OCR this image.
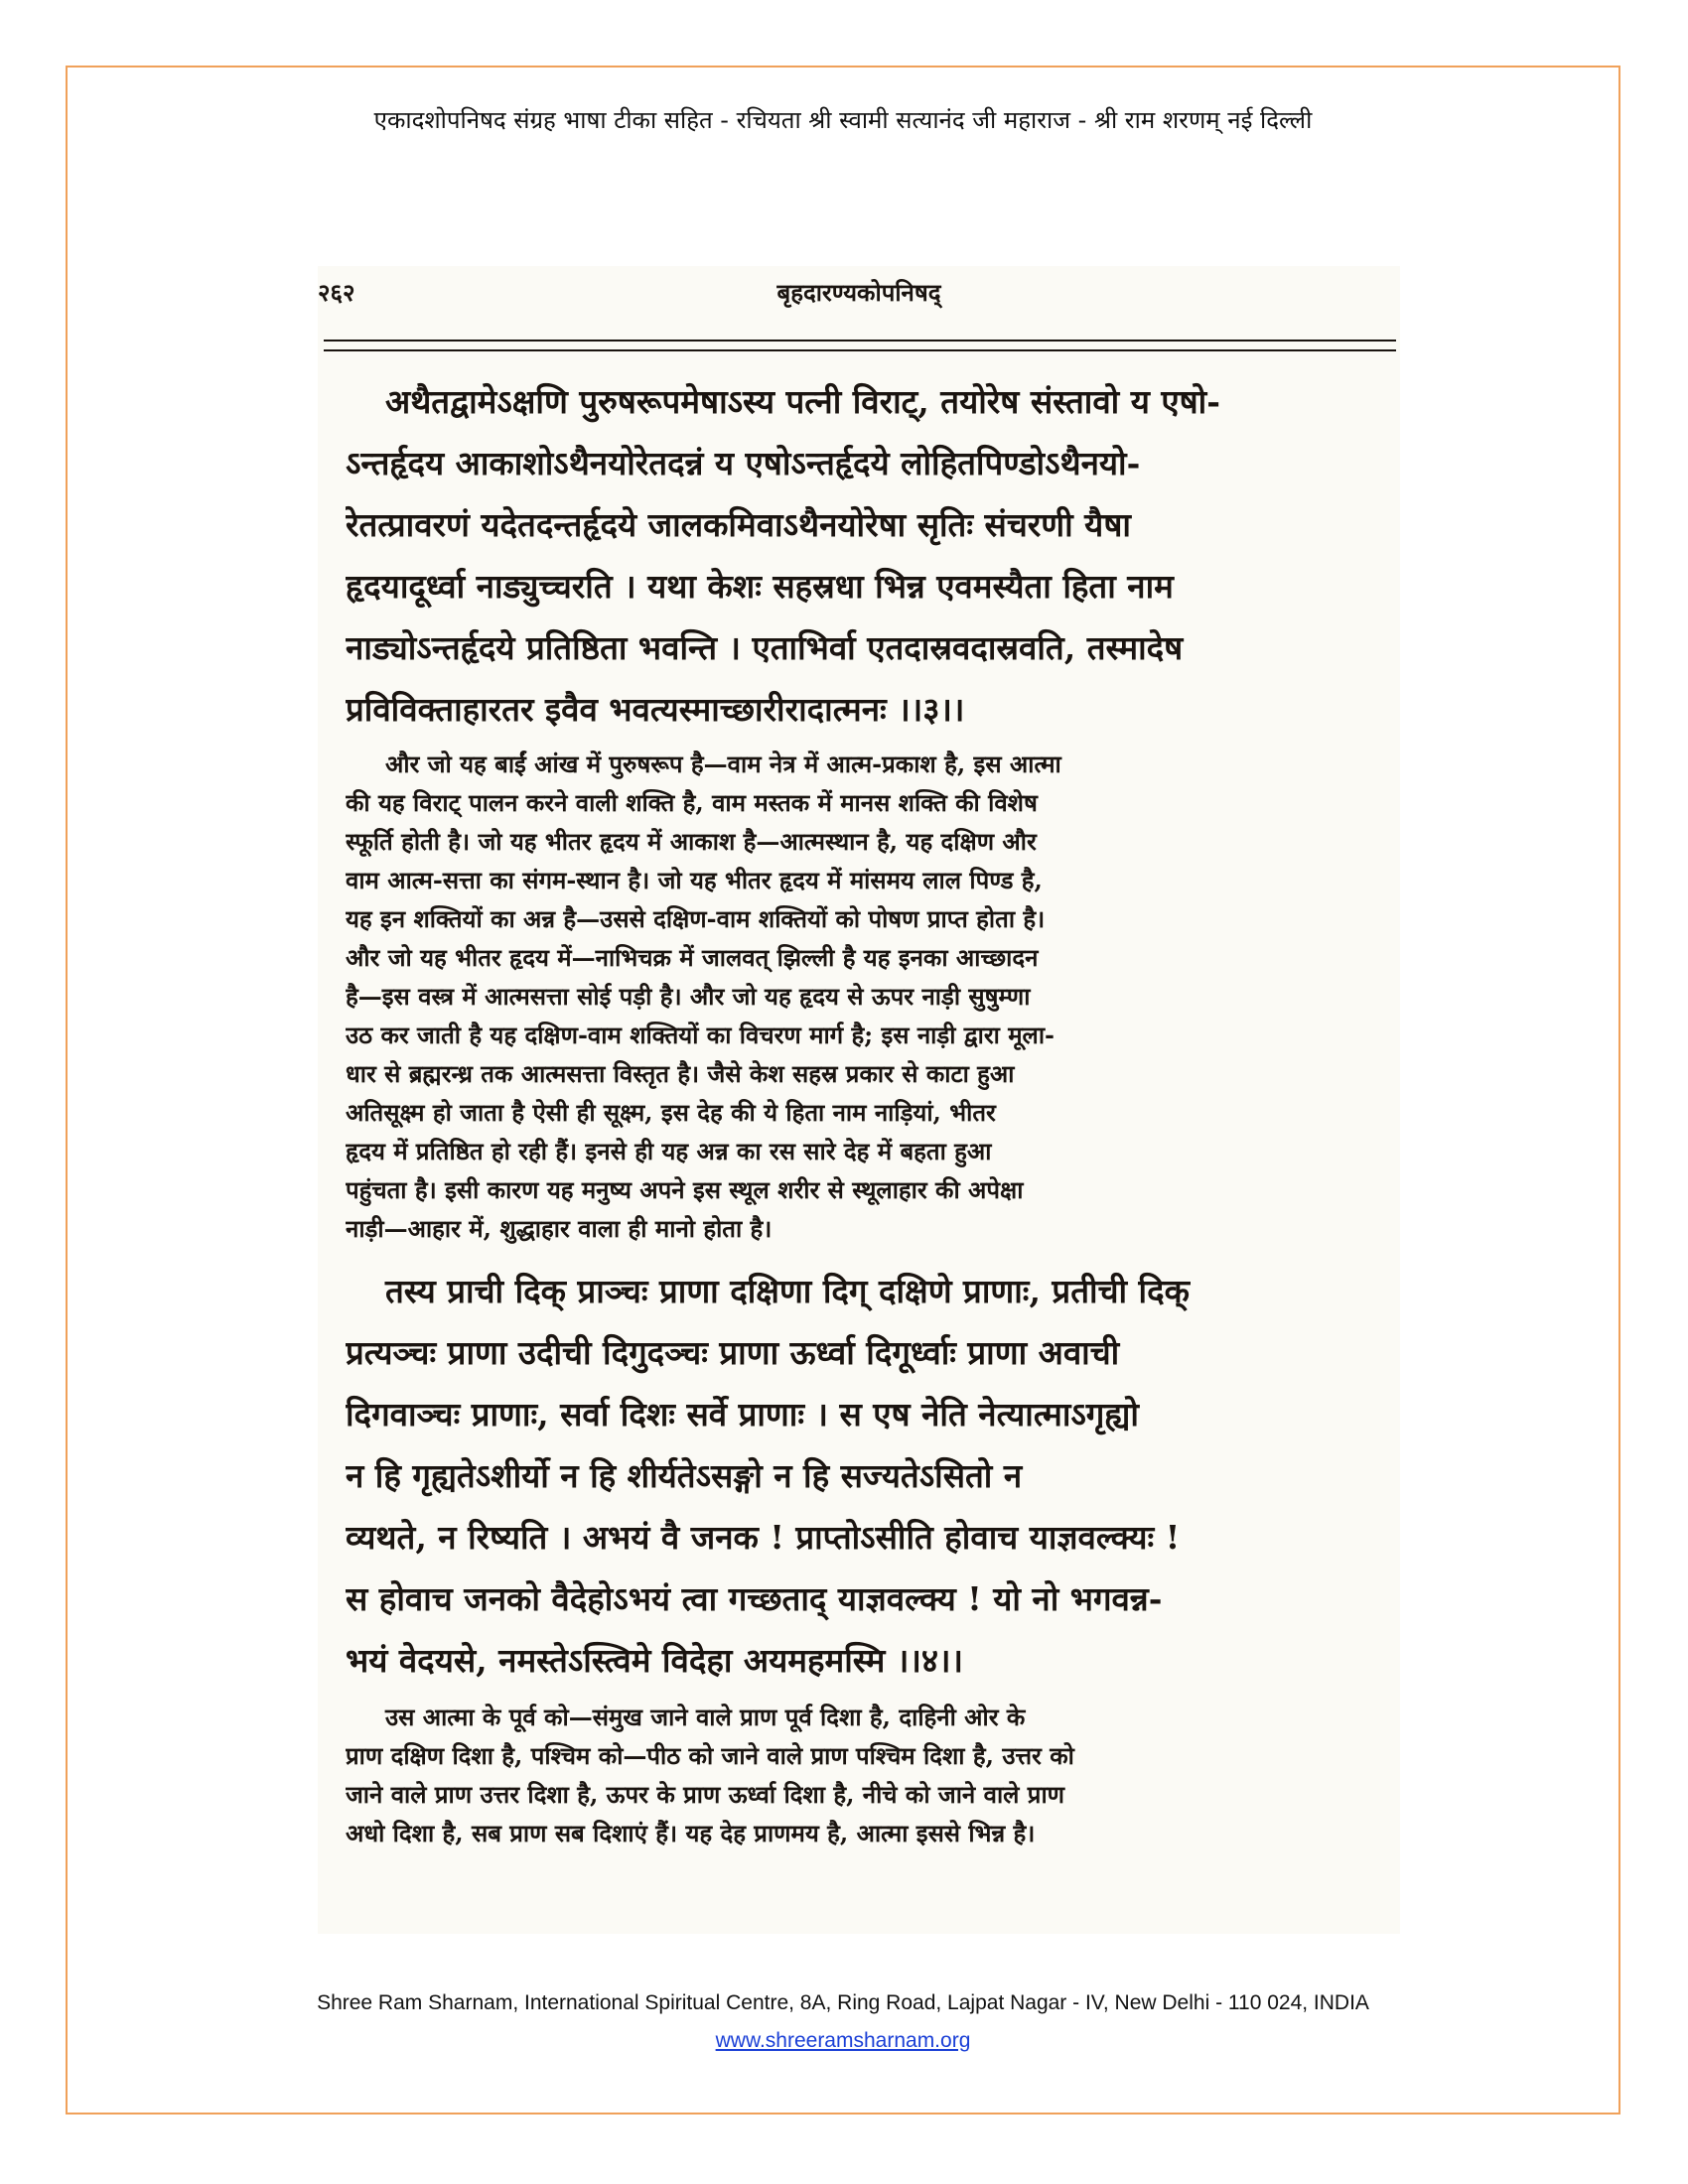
एकादशोपनिषद संग्रह भाषा टीका सहित - रचियता श्री स्वामी सत्यानंद जी महाराज - श्री राम शरणम् नई दिल्ली
२६२	बृहदारण्यकोपनिषद्
अथैतद्वामेऽक्षणि पुरुषरूपमेषाऽस्य पत्नी विराट्, तयोरेष संस्तावो य एषो-
ऽन्तर्हृदय आकाशोऽथैनयोरेतदन्नं य एषोऽन्तर्हृदये लोहितपिण्डोऽथैनयो-
रेतत्प्रावरणं यदेतदन्तर्हृदये जालकमिवाऽथैनयोरेषा सृतिः संचरणी यैषा
हृदयादूर्ध्वा नाड्युच्चरति । यथा केशः सहस्रधा भिन्न एवमस्यैता हिता नाम
नाड्योऽन्तर्हृदये प्रतिष्ठिता भवन्ति । एताभिर्वा एतदास्रवदास्रवति, तस्मादेष
प्रविविक्ताहारतर इवैव भवत्यस्माच्छारीरादात्मनः ।।३।।
और जो यह बाईं आंख में पुरुषरूप है—वाम नेत्र में आत्म-प्रकाश है, इस आत्मा
की यह विराट् पालन करने वाली शक्ति है, वाम मस्तक में मानस शक्ति की विशेष
स्फूर्ति होती है। जो यह भीतर हृदय में आकाश है—आत्मस्थान है, यह दक्षिण और
वाम आत्म-सत्ता का संगम-स्थान है। जो यह भीतर हृदय में मांसमय लाल पिण्ड है,
यह इन शक्तियों का अन्न है—उससे दक्षिण-वाम शक्तियों को पोषण प्राप्त होता है।
और जो यह भीतर हृदय में—नाभिचक्र में जालवत् झिल्ली है यह इनका आच्छादन
है—इस वस्त्र में आत्मसत्ता सोई पड़ी है। और जो यह हृदय से ऊपर नाड़ी सुषुम्णा
उठ कर जाती है यह दक्षिण-वाम शक्तियों का विचरण मार्ग है; इस नाड़ी द्वारा मूला-
धार से ब्रह्मरन्ध्र तक आत्मसत्ता विस्तृत है। जैसे केश सहस्र प्रकार से काटा हुआ
अतिसूक्ष्म हो जाता है ऐसी ही सूक्ष्म, इस देह की ये हिता नाम नाड़ियां, भीतर
हृदय में प्रतिष्ठित हो रही हैं। इनसे ही यह अन्न का रस सारे देह में बहता हुआ
पहुंचता है। इसी कारण यह मनुष्य अपने इस स्थूल शरीर से स्थूलाहार की अपेक्षा
नाड़ी—आहार में, शुद्धाहार वाला ही मानो होता है।
तस्य प्राची दिक् प्राञ्चः प्राणा दक्षिणा दिग् दक्षिणे प्राणाः, प्रतीची दिक्
प्रत्यञ्चः प्राणा उदीची दिगुदञ्चः प्राणा ऊर्ध्वा दिगूर्ध्वाः प्राणा अवाची
दिगवाञ्चः प्राणाः, सर्वा दिशः सर्वे प्राणाः । स एष नेति नेत्यात्माऽगृह्यो
न हि गृह्यतेऽशीर्यो न हि शीर्यतेऽसङ्गो न हि सज्यतेऽसितो न
व्यथते, न रिष्यति । अभयं वै जनक ! प्राप्तोऽसीति होवाच याज्ञवल्क्यः !
स होवाच जनको वैदेहोऽभयं त्वा गच्छताद् याज्ञवल्क्य ! यो नो भगवन्न-
भयं वेदयसे, नमस्तेऽस्त्विमे विदेहा अयमहमस्मि ।।४।।
उस आत्मा के पूर्व को—संमुख जाने वाले प्राण पूर्व दिशा है, दाहिनी ओर के
प्राण दक्षिण दिशा है, पश्चिम को—पीठ को जाने वाले प्राण पश्चिम दिशा है, उत्तर को
जाने वाले प्राण उत्तर दिशा है, ऊपर के प्राण ऊर्ध्वा दिशा है, नीचे को जाने वाले प्राण
अधो दिशा है, सब प्राण सब दिशाएं हैं। यह देह प्राणमय है, आत्मा इससे भिन्न है।
Shree Ram Sharnam, International Spiritual Centre, 8A, Ring Road, Lajpat Nagar - IV, New Delhi - 110 024, INDIA
www.shreeramsharnam.org
